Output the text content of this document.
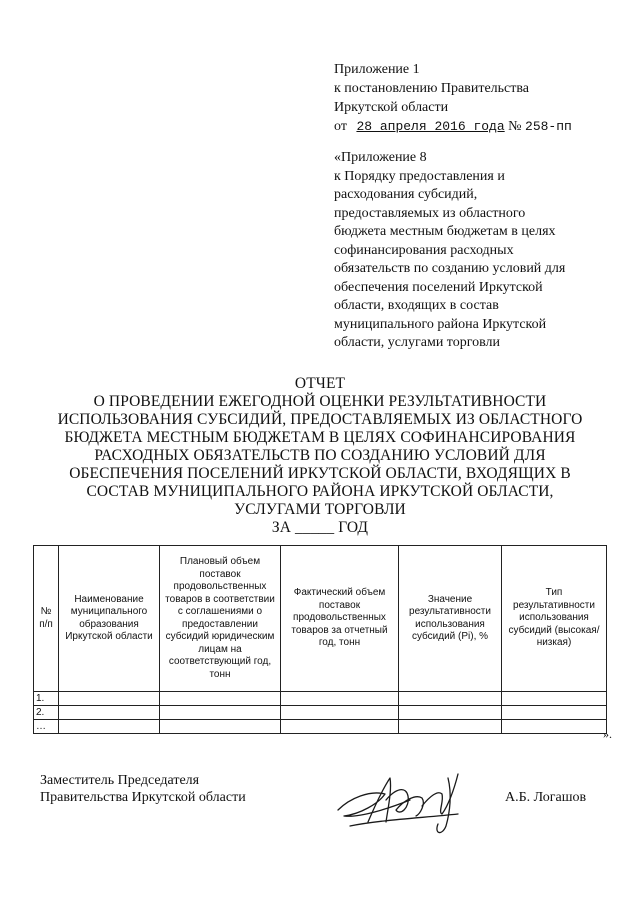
Приложение 1
к постановлению Правительства
Иркутской области
от 28 апреля 2016 года № 258-пп
«Приложение 8
к Порядку предоставления и
расходования субсидий,
предоставляемых из областного
бюджета местным бюджетам в целях
софинансирования расходных
обязательств по созданию условий для
обеспечения поселений Иркутской
области, входящих в состав
муниципального района Иркутской
области, услугами торговли
ОТЧЕТ
О ПРОВЕДЕНИИ ЕЖЕГОДНОЙ ОЦЕНКИ РЕЗУЛЬТАТИВНОСТИ
ИСПОЛЬЗОВАНИЯ СУБСИДИЙ, ПРЕДОСТАВЛЯЕМЫХ ИЗ ОБЛАСТНОГО
БЮДЖЕТА МЕСТНЫМ БЮДЖЕТАМ В ЦЕЛЯХ СОФИНАНСИРОВАНИЯ
РАСХОДНЫХ ОБЯЗАТЕЛЬСТВ ПО СОЗДАНИЮ УСЛОВИЙ ДЛЯ
ОБЕСПЕЧЕНИЯ ПОСЕЛЕНИЙ ИРКУТСКОЙ ОБЛАСТИ, ВХОДЯЩИХ В
СОСТАВ МУНИЦИПАЛЬНОГО РАЙОНА ИРКУТСКОЙ ОБЛАСТИ,
УСЛУГАМИ ТОРГОВЛИ
ЗА _____ ГОД
№ п/п	Наименование муниципального образования Иркутской области	Плановый объем поставок продовольственных товаров в соответствии с соглашениями о предоставлении субсидий юридическим лицам на соответствующий год, тонн	Фактический объем поставок продовольственных товаров за отчетный год, тонн	Значение результативности использования субсидий (Pi), %	Тип результативности использования субсидий (высокая/низкая)
1.					
2.					
…					
».
Заместитель Председателя
Правительства Иркутской области	А.Б. Логашов
